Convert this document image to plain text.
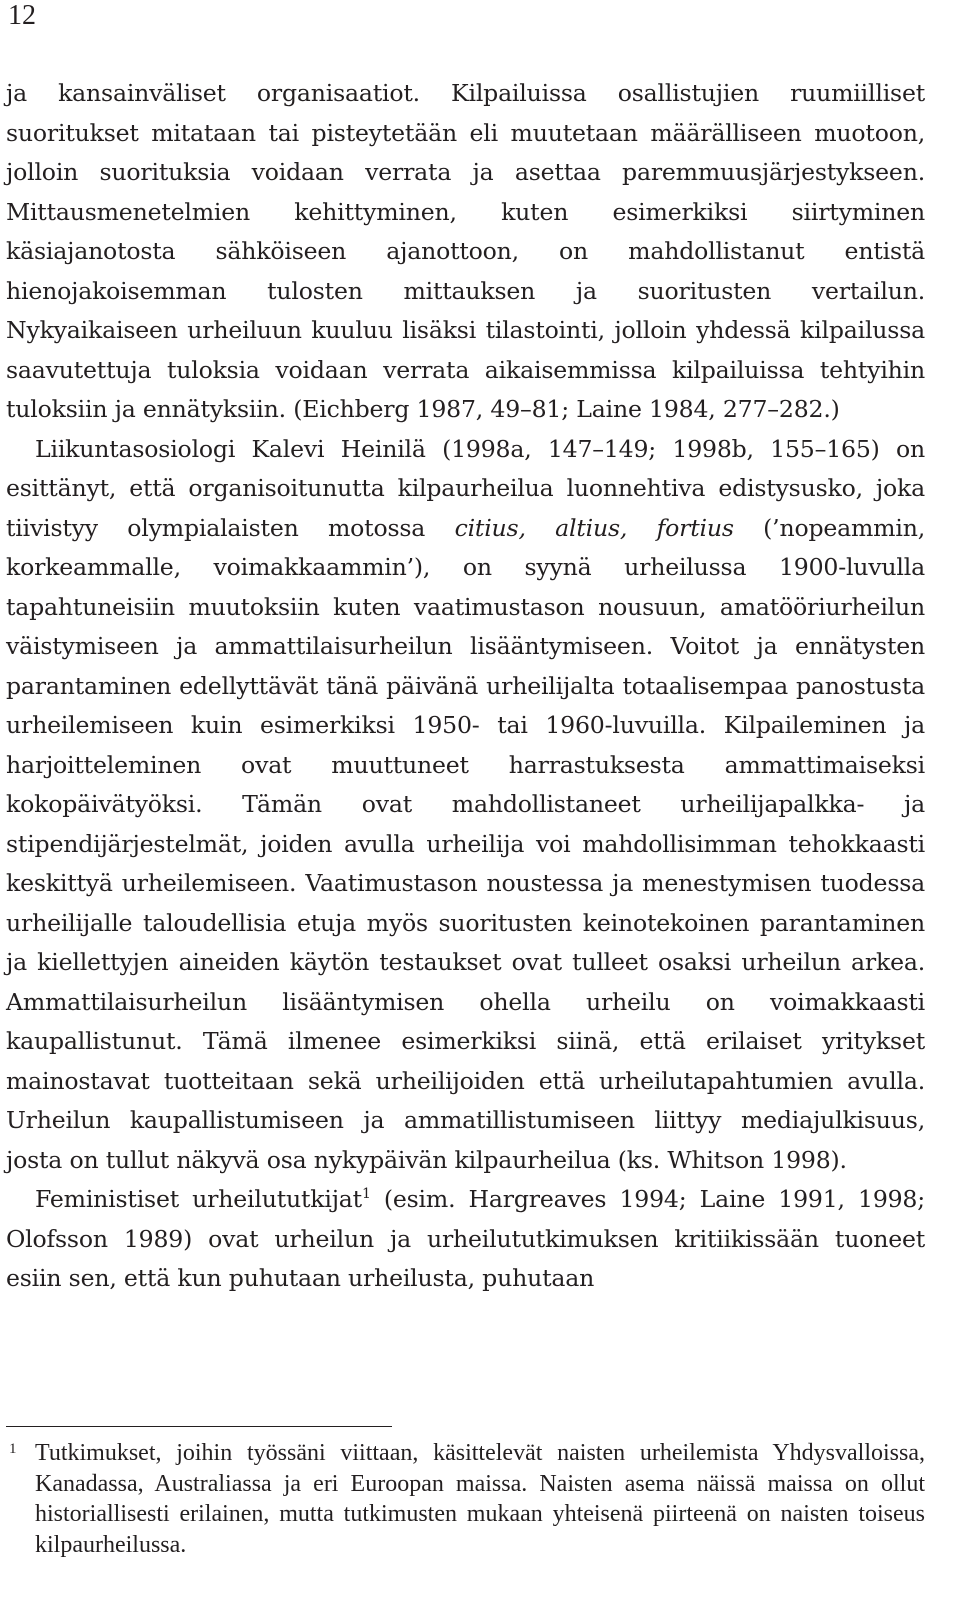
12

ja kansainväliset organisaatiot. Kilpailuissa osallistujien ruumiilliset suoritukset mitataan tai pisteytetään eli muutetaan määrälliseen muotoon, jolloin suorituksia voidaan verrata ja asettaa paremmuusjärjestykseen. Mittausmenetelmien kehittyminen, kuten esimerkiksi siirtyminen käsiajanotosta sähköiseen ajanottoon, on mahdollistanut entistä hienojakoisemman tulosten mittauksen ja suoritusten vertailun. Nykyaikaiseen urheiluun kuuluu lisäksi tilastointi, jolloin yhdessä kilpailussa saavutettuja tuloksia voidaan verrata aikaisemmissa kilpailuissa tehtyihin tuloksiin ja ennätyksiin. (Eichberg 1987, 49–81; Laine 1984, 277–282.)

Liikuntasosiologi Kalevi Heinilä (1998a, 147–149; 1998b, 155–165) on esittänyt, että organisoitunutta kilpaurheilua luonnehtiva edistysusko, joka tiivistyy olympialaisten motossa citius, altius, fortius (’nopeammin, korkeammalle, voimakkaammin’), on syynä urheilussa 1900-luvulla tapahtuneisiin muutoksiin kuten vaatimustason nousuun, amatööriurheilun väistymiseen ja ammattilaisurheilun lisääntymiseen. Voitot ja ennätysten parantaminen edellyttävät tänä päivänä urheilijalta totaalisempaa panostusta urheilemiseen kuin esimerkiksi 1950- tai 1960-luvuilla. Kilpaileminen ja harjoitteleminen ovat muuttuneet harrastuksesta ammattimaiseksi kokopäivätyöksi. Tämän ovat mahdollistaneet urheilijapalkka- ja stipendijärjestelmät, joiden avulla urheilija voi mahdollisimman tehokkaasti keskittyä urheilemiseen. Vaatimustason noustessa ja menestymisen tuodessa urheilijalle taloudellisia etuja myös suoritusten keinotekoinen parantaminen ja kiellettyjen aineiden käytön testaukset ovat tulleet osaksi urheilun arkea. Ammattilaisurheilun lisääntymisen ohella urheilu on voimakkaasti kaupallistunut. Tämä ilmenee esimerkiksi siinä, että erilaiset yritykset mainostavat tuotteitaan sekä urheilijoiden että urheilutapahtumien avulla. Urheilun kaupallistumiseen ja ammatillistumiseen liittyy mediajulkisuus, josta on tullut näkyvä osa nykypäivän kilpaurheilua (ks. Whitson 1998).

Feministiset urheilututkijat$^1$ (esim. Hargreaves 1994; Laine 1991, 1998; Olofsson 1989) ovat urheilun ja urheilututkimuksen kritiikissään tuoneet esiin sen, että kun puhutaan urheilusta, puhutaan

1 Tutkimukset, joihin työssäni viittaan, käsittelevät naisten urheilemista Yhdysvalloissa, Kanadassa, Australiassa ja eri Euroopan maissa. Naisten asema näissä maissa on ollut historiallisesti erilainen, mutta tutkimusten mukaan yhteisenä piirteenä on naisten toiseus kilpaurheilussa.
